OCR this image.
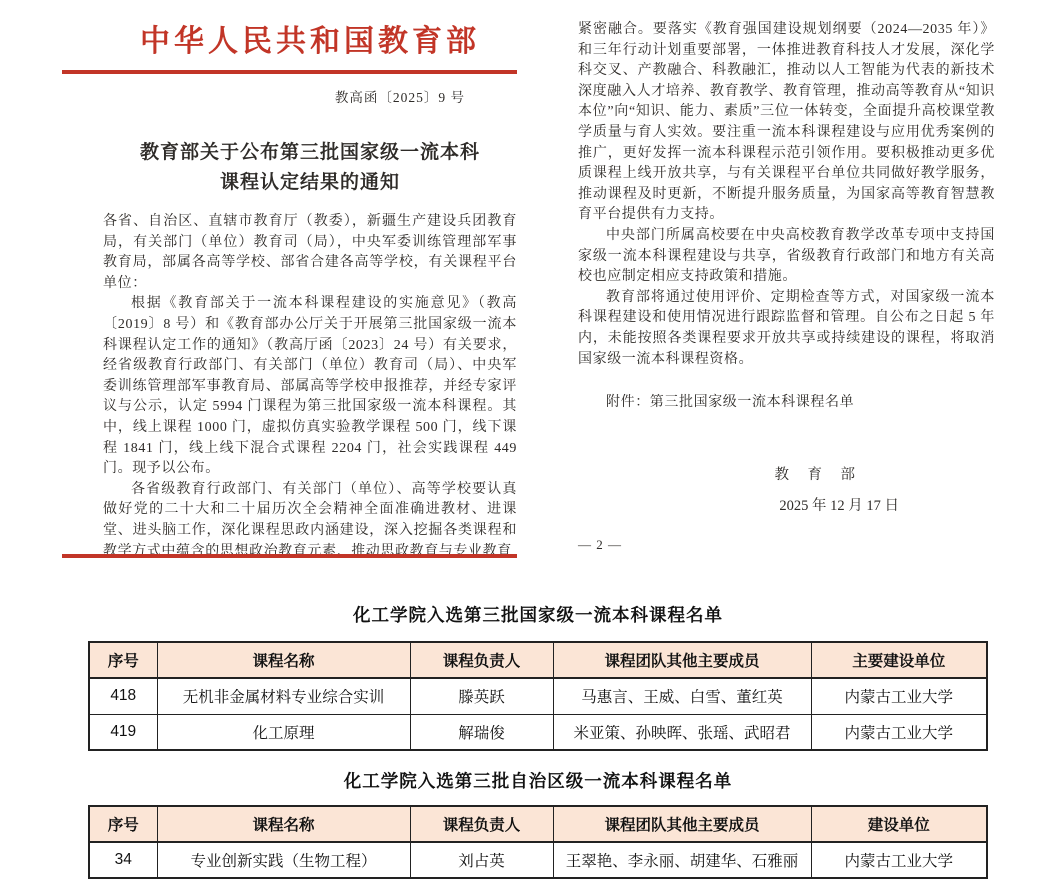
中华人民共和国教育部
教高函〔2025〕9 号
教育部关于公布第三批国家级一流本科
课程认定结果的通知

各省、自治区、直辖市教育厅（教委），新疆生产建设兵团教育局，有关部门（单位）教育司（局），中央军委训练管理部军事教育局，部属各高等学校、部省合建各高等学校，有关课程平台单位：

根据《教育部关于一流本科课程建设的实施意见》（教高〔2019〕8 号）和《教育部办公厅关于开展第三批国家级一流本科课程认定工作的通知》（教高厅函〔2023〕24 号）有关要求，经省级教育行政部门、有关部门（单位）教育司（局）、中央军委训练管理部军事教育局、部属高等学校申报推荐，并经专家评议与公示，认定 5994 门课程为第三批国家级一流本科课程。其中，线上课程 1000 门，虚拟仿真实验教学课程 500 门，线下课程 1841 门，线上线下混合式课程 2204 门，社会实践课程 449 门。现予以公布。

各省级教育行政部门、有关部门（单位）、高等学校要认真做好党的二十大和二十届历次全会精神全面准确进教材、进课堂、进头脑工作，深化课程思政内涵建设，深入挖掘各类课程和教学方式中蕴含的思想政治教育元素，推动思政教育与专业教育

紧密融合。要落实《教育强国建设规划纲要（2024—2035 年）》和三年行动计划重要部署，一体推进教育科技人才发展，深化学科交叉、产教融合、科教融汇，推动以人工智能为代表的新技术深度融入人才培养、教育教学、教育管理，推动高等教育从“知识本位”向“知识、能力、素质”三位一体转变，全面提升高校课堂教学质量与育人实效。要注重一流本科课程建设与应用优秀案例的推广，更好发挥一流本科课程示范引领作用。要积极推动更多优质课程上线开放共享，与有关课程平台单位共同做好教学服务，推动课程及时更新，不断提升服务质量，为国家高等教育智慧教育平台提供有力支持。

中央部门所属高校要在中央高校教育教学改革专项中支持国家级一流本科课程建设与共享，省级教育行政部门和地方有关高校也应制定相应支持政策和措施。

教育部将通过使用评价、定期检查等方式，对国家级一流本科课程建设和使用情况进行跟踪监督和管理。自公布之日起 5 年内，未能按照各类课程要求开放共享或持续建设的课程，将取消国家级一流本科课程资格。

附件：第三批国家级一流本科课程名单

教　育　部
2025 年 12 月 17 日
— 2 —
化工学院入选第三批国家级一流本科课程名单
序号	课程名称	课程负责人	课程团队其他主要成员	主要建设单位
418	无机非金属材料专业综合实训	滕英跃	马惠言、王威、白雪、董红英	内蒙古工业大学
419	化工原理	解瑞俊	米亚策、孙映晖、张瑶、武昭君	内蒙古工业大学
化工学院入选第三批自治区级一流本科课程名单
序号	课程名称	课程负责人	课程团队其他主要成员	建设单位
34	专业创新实践（生物工程）	刘占英	王翠艳、李永丽、胡建华、石雅丽	内蒙古工业大学
